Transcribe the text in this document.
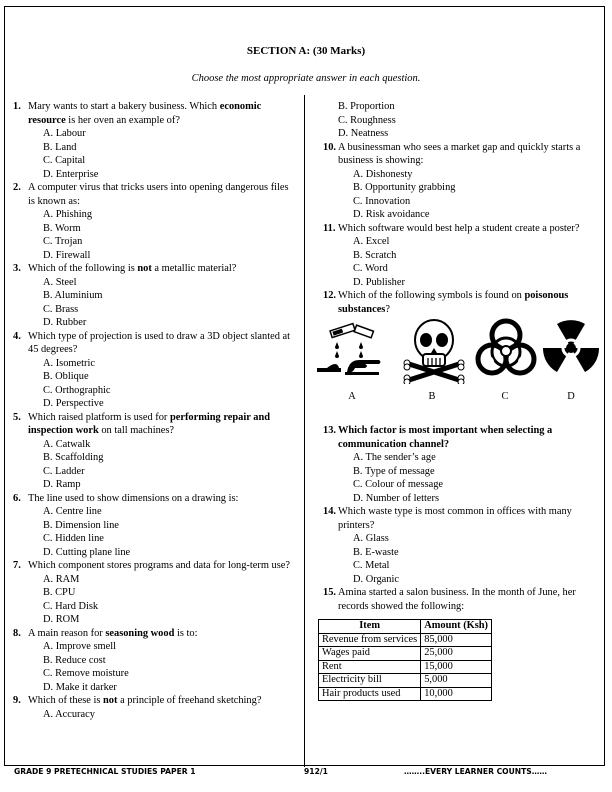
SECTION A: (30 Marks)
Choose the most appropriate answer in each question.
1. Mary wants to start a bakery business. Which economic resource is her oven an example of?
A. Labour
B. Land
C. Capital
D. Enterprise
2. A computer virus that tricks users into opening dangerous files is known as:
A. Phishing
B. Worm
C. Trojan
D. Firewall
3. Which of the following is not a metallic material?
A. Steel
B. Aluminium
C. Brass
D. Rubber
4. Which type of projection is used to draw a 3D object slanted at 45 degrees?
A. Isometric
B. Oblique
C. Orthographic
D. Perspective
5. Which raised platform is used for performing repair and inspection work on tall machines?
A. Catwalk
B. Scaffolding
C. Ladder
D. Ramp
6. The line used to show dimensions on a drawing is:
A. Centre line
B. Dimension line
C. Hidden line
D. Cutting plane line
7. Which component stores programs and data for long-term use?
A. RAM
B. CPU
C. Hard Disk
D. ROM
8. A main reason for seasoning wood is to:
A. Improve smell
B. Reduce cost
C. Remove moisture
D. Make it darker
9. Which of these is not a principle of freehand sketching?
A. Accuracy
B. Proportion
C. Roughness
D. Neatness
10. A businessman who sees a market gap and quickly starts a business is showing:
A. Dishonesty
B. Opportunity grabbing
C. Innovation
D. Risk avoidance
11. Which software would best help a student create a poster?
A. Excel
B. Scratch
C. Word
D. Publisher
12. Which of the following symbols is found on poisonous substances?
A	B	C	D
13. Which factor is most important when selecting a communication channel?
A. The sender’s age
B. Type of message
C. Colour of message
D. Number of letters
14. Which waste type is most common in offices with many printers?
A. Glass
B. E-waste
C. Metal
D. Organic
15. Amina started a salon business. In the month of June, her records showed the following:
Item	Amount (Ksh)
Revenue from services	85,000
Wages paid	25,000
Rent	15,000
Electricity bill	5,000
Hair products used	10,000
GRADE 9 PRETECHNICAL STUDIES PAPER 1	912/1	……..EVERY LEARNER COUNTS……
